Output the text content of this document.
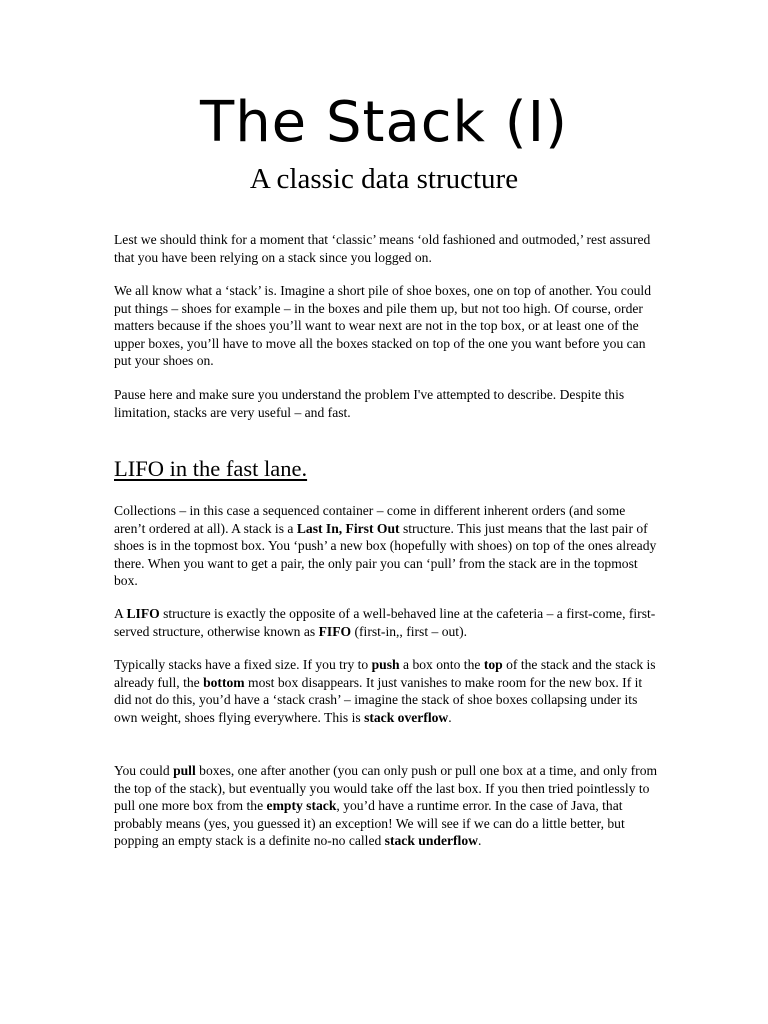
The Stack (I)
A classic data structure

Lest we should think for a moment that ‘classic’ means ‘old fashioned and outmoded,’ rest assured that you have been relying on a stack since you logged on.

We all know what a ‘stack’ is. Imagine a short pile of shoe boxes, one on top of another. You could put things – shoes for example – in the boxes and pile them up, but not too high. Of course, order matters because if the shoes you’ll want to wear next are not in the top box, or at least one of the upper boxes, you’ll have to move all the boxes stacked on top of the one you want before you can put your shoes on.

Pause here and make sure you understand the problem I've attempted to describe. Despite this limitation, stacks are very useful – and fast.

LIFO in the fast lane.

Collections – in this case a sequenced container – come in different inherent orders (and some aren’t ordered at all). A stack is a Last In, First Out structure. This just means that the last pair of shoes is in the topmost box. You ‘push’ a new box (hopefully with shoes) on top of the ones already there. When you want to get a pair, the only pair you can ‘pull’ from the stack are in the topmost box.

A LIFO structure is exactly the opposite of a well-behaved line at the cafeteria – a first-come, first-served structure, otherwise known as FIFO (first-in,, first – out).

Typically stacks have a fixed size. If you try to push a box onto the top of the stack and the stack is already full, the bottom most box disappears. It just vanishes to make room for the new box. If it did not do this, you’d have a ‘stack crash’ – imagine the stack of shoe boxes collapsing under its own weight, shoes flying everywhere. This is stack overflow.

You could pull boxes, one after another (you can only push or pull one box at a time, and only from the top of the stack), but eventually you would take off the last box. If you then tried pointlessly to pull one more box from the empty stack, you’d have a runtime error. In the case of Java, that probably means (yes, you guessed it) an exception! We will see if we can do a little better, but popping an empty stack is a definite no-no called stack underflow.
